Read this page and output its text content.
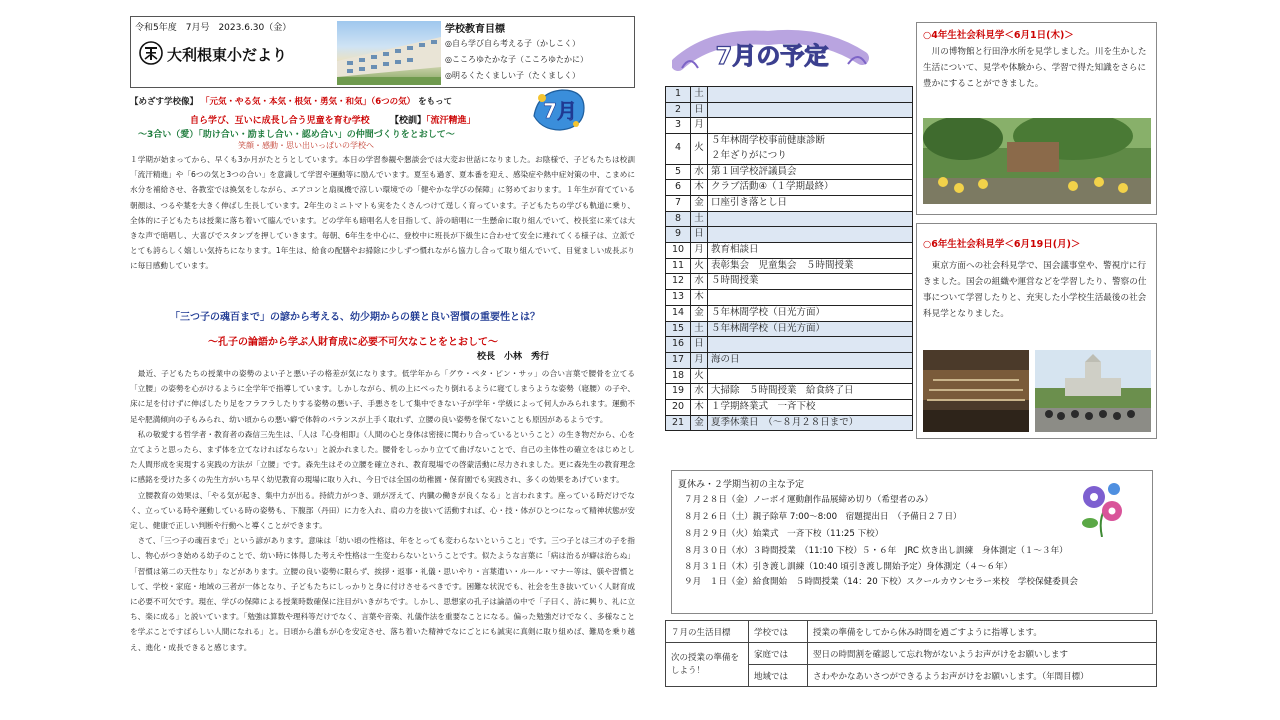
令和5年度　7月号　2023.6.30（金）
大利根東小だより
学校教育目標
◎自ら学び自ら考える子（かしこく）
◎こころゆたかな子（こころゆたかに）
◎明るくたくましい子（たくましく）
【めざす学校像】 「元気・やる気・本気・根気・勇気・和気」（6つの気） をもって
自ら学び、互いに成長し合う児童を育む学校 【校訓】「流汗精進」
～3合い（愛）「助け合い・励まし合い・認め合い」の仲間づくりをとおして～
笑顔・感動・思い出いっぱいの学校へ
7月
１学期が始まってから、早くも3か月がたとうとしています。本日の学習参観や懇談会では大変お世話になりました。お陰様で、子どもたちは校訓「流汗精進」や「6つの気と3つの合い」を意識して学習や運動等に励んでいます。夏至も過ぎ、夏本番を迎え、感染症や熱中症対策の中、こまめに水分を補給させ、各教室では換気をしながら、エアコンと扇風機で涼しい環境での「健やかな学びの保障」に努めております。１年生が育てている朝顔は、つるや葉を大きく伸ばし生長しています。2年生のミニトマトも実をたくさんつけて逞しく育っています。子どもたちの学びも軌道に乗り、全体的に子どもたちは授業に落ち着いて臨んでいます。どの学年も暗唱名人を目指して、詩の暗唱に一生懸命に取り組んでいて、校長室に来ては大きな声で暗唱し、大喜びでスタンプを押していきます。毎朝、6年生を中心に、登校中に班長が下級生に合わせて安全に連れてくる様子は、立派でとても誇らしく嬉しい気持ちになります。1年生は、給食の配膳やお掃除に少しずつ慣れながら協力し合って取り組んでいて、目覚ましい成長ぶりに毎日感動しています。
「三つ子の魂百まで」の諺から考える、幼少期からの躾と良い習慣の重要性とは？
～孔子の論語から学ぶ人財育成に必要不可欠なことをとおして～
校長　小林　秀行
　最近、子どもたちの授業中の姿勢のよい子と悪い子の格差が気になります。低学年から「グウ・ペタ・ピン・サッ」の合い言葉で腰骨を立てる「立腰」の姿勢を心がけるように全学年で指導しています。しかしながら、机の上にべったり倒れるように寝てしまうような姿勢（寝腰）の子や、床に足を付けずに伸ばしたり足をフラフラしたりする姿勢の悪い子、手悪さをして集中できない子が学年・学級によって何人かみられます。運動不足や肥満傾向の子もみられ、幼い頃からの悪い癖で体幹のバランスが上手く取れず、立腰の良い姿勢を保てないことも原因があるようです。
　私の敬愛する哲学者・教育者の森信三先生は、「人は『心身相即』（人間の心と身体は密接に関わり合っているということ）の生き物だから、心を立てようと思ったら、まず体を立てなければならない」と説かれました。腰骨をしっかり立てて曲げないことで、自己の主体性の確立をはじめとした人間形成を実現する実践の方法が「立腰」です。森先生はその立腰を確立され、教育現場での啓蒙活動に尽力されました。更に森先生の教育理念に感銘を受けた多くの先生方がいち早く幼児教育の現場に取り入れ、今日では全国の幼稚園・保育園でも実践され、多くの効果をあげています。
　立腰教育の効果は、「やる気が起き、集中力が出る。持続力がつき、頭が冴えて、内臓の働きが良くなる」と言われます。座っている時だけでなく、立っている時や運動している時の姿勢も、下腹部（丹田）に力を入れ、肩の力を抜いて活動すれば、心・技・体がひとつになって精神状態が安定し、健康で正しい判断や行動へと導くことができます。
　さて、「三つ子の魂百まで」という諺があります。意味は「幼い頃の性格は、年をとっても変わらないということ」です。三つ子とは三才の子を指し、物心がつき始める幼子のことで、幼い時に体得した考えや性格は一生変わらないということです。似たような言葉に「病は治るが癖は治らぬ」「習慣は第二の天性なり」などがあります。立腰の良い姿勢に限らず、挨拶・返事・礼儀・思いやり・言葉遣い・ルール・マナー等は、躾や習慣として、学校・家庭・地域の三者が一体となり、子どもたちにしっかりと身に付けさせるべきです。困難な状況でも、社会を生き抜いていく人財育成に必要不可欠です。現在、学びの保障による授業時数確保に注目がいきがちです。しかし、思想家の孔子は論語の中で「子曰く、詩に興り、礼に立ち、楽に成る」と説いています。「勉強は算数や理科等だけでなく、言葉や音楽、礼儀作法を重要なことになる。偏った勉強だけでなく、多様なことを学ぶことですばらしい人間になれる」と。日頃から誰もが心を安定させ、落ち着いた精神でなにごとにも誠実に真剣に取り組めば、難局を乗り越え、進化・成長できると感じます。
7月の予定
1	土	
2	日	
3	月	
4	火	５年林間学校事前健康診断
２年ざりがにつり

5	水	第１回学校評議員会
6	木	クラブ活動④（１学期最終）
7	金	口座引き落とし日
8	土	
9	日	
10	月	教育相談日
11	火	表彰集会　児童集会　５時間授業
12	水	５時間授業
13	木	
14	金	５年林間学校（日光方面）
15	土	５年林間学校（日光方面）
16	日	
17	月	海の日
18	火	
19	水	大掃除　５時間授業　給食終了日
20	木	１学期終業式　一斉下校
21	金	夏季休業日　（～８月２８日まで）
○4年生社会科見学＜6月1日(木)＞
　川の博物館と行田浄水所を見学しました。川を生かした生活について、見学や体験から、学習で得た知識をさらに豊かにすることができました。
○6年生社会科見学＜6月19日(月)＞
　東京方面への社会科見学で、国会議事堂や、警視庁に行きました。国会の組織や運営などを学習したり、警察の仕事について学習したりと、充実した小学校生活最後の社会科見学となりました。
夏休み・２学期当初の主な予定
７月２８日（金）ノーボイ運動創作品展締め切り（希望者のみ）
８月２６日（土）親子除草 7:00～8:00　宿題提出日　（予備日２７日）
８月２９日（火）始業式　一斉下校（11:25 下校）
８月３０日（水）３時間授業　（11:10 下校）５・６年　JRC 炊き出し訓練　身体測定（１～３年）
８月３１日（木）引き渡し訓練（10:40 頃引き渡し開始予定）身体測定（４～６年）
９月　１日（金）給食開始　５時間授業（14：20 下校）スクールカウンセラー来校　学校保健委員会
７月の生活目標	学校では	授業の準備をしてから休み時間を過ごすように指導します。
次の授業の準備をしよう！	家庭では	翌日の時間割を確認して忘れ物がないようお声がけをお願いします
	地域では	さわやかなあいさつができるようお声がけをお願いします。（年間目標）
